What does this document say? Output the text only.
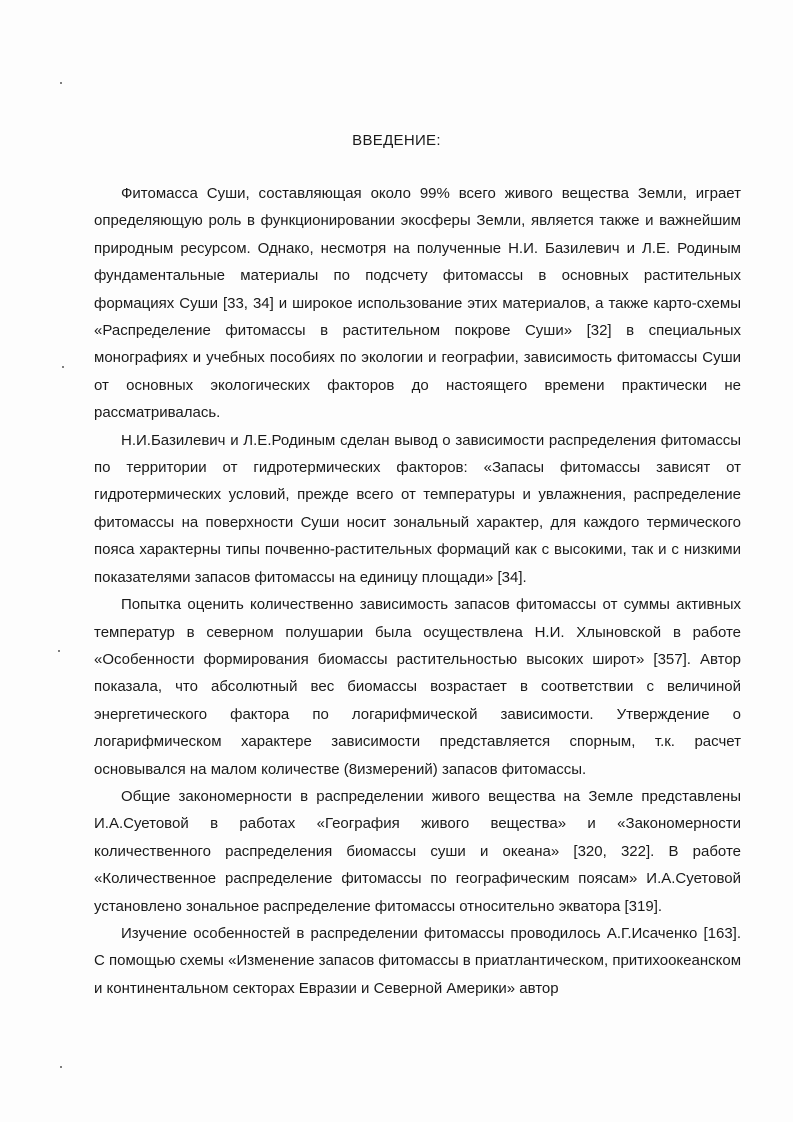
ВВЕДЕНИЕ:

Фитомасса Суши, составляющая около 99% всего живого вещества Земли, играет определяющую роль в функционировании экосферы Земли, является также и важнейшим природным ресурсом. Однако, несмотря на полученные Н.И. Базилевич и Л.Е. Родиным фундаментальные материалы по подсчету фитомассы в основных растительных формациях Суши [33, 34] и широкое использование этих материалов, а также карто-схемы «Распределение фитомассы в растительном покрове Суши» [32] в специальных монографиях и учебных пособиях по экологии и географии, зависимость фитомассы Суши от основных экологических факторов до настоящего времени практически не рассматривалась.

Н.И.Базилевич и Л.Е.Родиным сделан вывод о зависимости распределения фитомассы по территории от гидротермических факторов: «Запасы фитомассы зависят от гидротермических условий, прежде всего от температуры и увлажнения, распределение фитомассы на поверхности Суши носит зональный характер, для каждого термического пояса характерны типы почвенно-растительных формаций как с высокими, так и с низкими показателями запасов фитомассы на единицу площади» [34].

Попытка оценить количественно зависимость запасов фитомассы от суммы активных температур в северном полушарии была осуществлена Н.И. Хлыновской в работе «Особенности формирования биомассы растительностью высоких широт» [357]. Автор показала, что абсолютный вес биомассы возрастает в соответствии с величиной энергетического фактора по логарифмической зависимости. Утверждение о логарифмическом характере зависимости представляется спорным, т.к. расчет основывался на малом количестве (8измерений) запасов фитомассы.

Общие закономерности в распределении живого вещества на Земле представлены И.А.Суетовой в работах «География живого вещества» и «Закономерности количественного распределения биомассы суши и океана» [320, 322]. В работе «Количественное распределение фитомассы по географическим поясам» И.А.Суетовой установлено зональное распределение фитомассы относительно экватора [319].

Изучение особенностей в распределении фитомассы проводилось А.Г.Исаченко [163]. С помощью схемы «Изменение запасов фитомассы в приатлантическом, притихоокеанском и континентальном секторах Евразии и Северной Америки» автор
